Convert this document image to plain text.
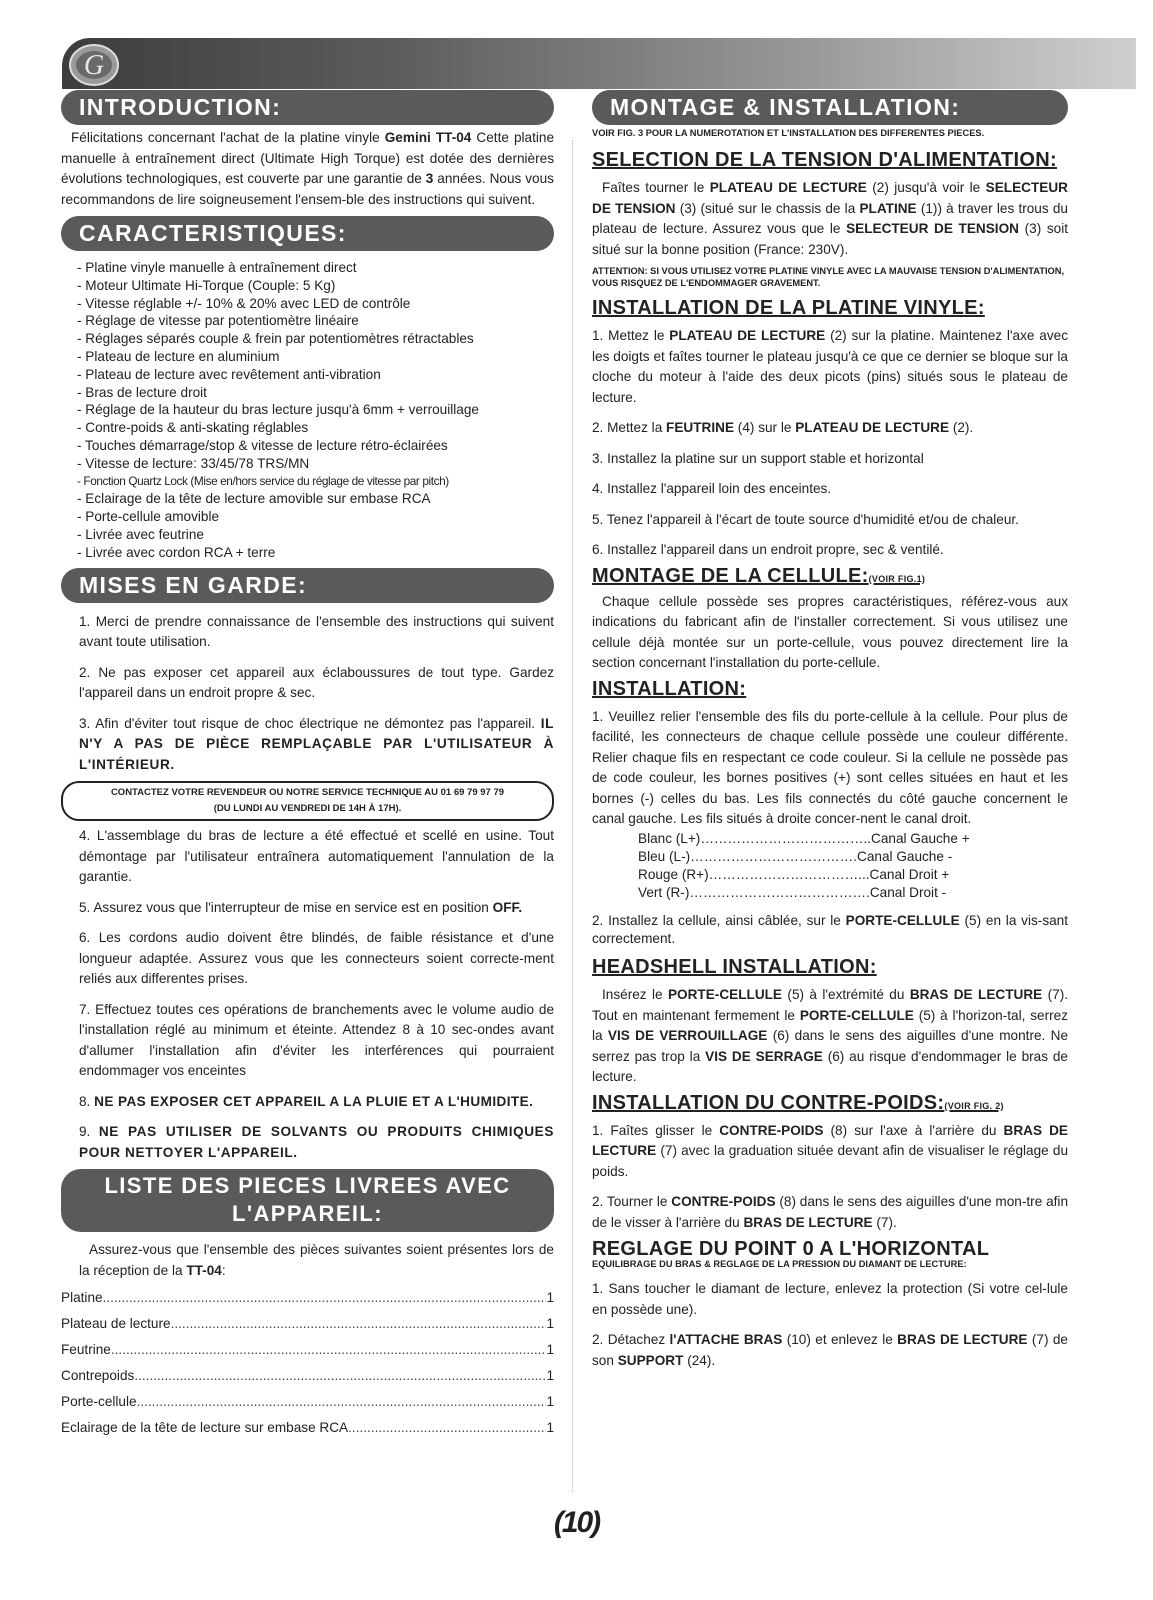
G
INTRODUCTION:

Félicitations concernant l'achat de la platine vinyle Gemini TT-04 Cette platine manuelle à entraînement direct (Ultimate High Torque) est dotée des dernières évolutions technologiques, est couverte par une garantie de 3 années. Nous vous recommandons de lire soigneusement l'ensem-ble des instructions qui suivent.

CARACTERISTIQUES:
- Platine vinyle manuelle à entraînement direct
- Moteur Ultimate Hi-Torque (Couple: 5 Kg)
- Vitesse réglable +/- 10% & 20% avec LED de contrôle
- Réglage de vitesse par potentiomètre linéaire
- Réglages séparés couple & frein par potentiomètres rétractables
- Plateau de lecture en aluminium
- Plateau de lecture avec revêtement anti-vibration
- Bras de lecture droit
- Réglage de la hauteur du bras lecture jusqu'à 6mm + verrouillage
- Contre-poids & anti-skating réglables
- Touches démarrage/stop & vitesse de lecture rétro-éclairées
- Vitesse de lecture: 33/45/78 TRS/MN
- Fonction Quartz Lock (Mise en/hors service du réglage de vitesse par pitch)
- Eclairage de la tête de lecture amovible sur embase RCA
- Porte-cellule amovible
- Livrée avec feutrine
- Livrée avec cordon RCA + terre
MISES EN GARDE:

1. Merci de prendre connaissance de l'ensemble des instructions qui suivent avant toute utilisation.

2. Ne pas exposer cet appareil aux éclaboussures de tout type. Gardez l'appareil dans un endroit propre & sec.

3. Afin d'éviter tout risque de choc électrique ne démontez pas l'appareil. IL N'Y A PAS DE PIÈCE REMPLAÇABLE PAR L'UTILISATEUR À L'INTÉRIEUR.

CONTACTEZ VOTRE REVENDEUR OU NOTRE SERVICE TECHNIQUE AU 01 69 79 97 79 (DU LUNDI AU VENDREDI DE 14H À 17H).

4. L'assemblage du bras de lecture a été effectué et scellé en usine. Tout démontage par l'utilisateur entraînera automatiquement l'annulation de la garantie.

5. Assurez vous que l'interrupteur de mise en service est en position OFF.

6. Les cordons audio doivent être blindés, de faible résistance et d'une longueur adaptée. Assurez vous que les connecteurs soient correcte-ment reliés aux differentes prises.

7. Effectuez toutes ces opérations de branchements avec le volume audio de l'installation réglé au minimum et éteinte. Attendez 8 à 10 sec-ondes avant d'allumer l'installation afin d'éviter les interférences qui pourraient endommager vos enceintes

8. NE PAS EXPOSER CET APPAREIL A LA PLUIE ET A L'HUMIDITE.

9. NE PAS UTILISER DE SOLVANTS OU PRODUITS CHIMIQUES POUR NETTOYER L'APPAREIL.

LISTE DES PIECES LIVREES AVEC L'APPAREIL:

Assurez-vous que l'ensemble des pièces suivantes soient présentes lors de la réception de la TT-04:

Platine .....	1
Plateau de lecture .....	1
Feutrine .....	1
Contrepoids .....	1
Porte-cellule .....	1
Eclairage de la tête de lecture sur embase RCA .....	1
MONTAGE & INSTALLATION:
VOIR FIG. 3 POUR LA NUMEROTATION ET L'INSTALLATION DES DIFFERENTES PIECES.
SELECTION DE LA TENSION D'ALIMENTATION:

Faîtes tourner le PLATEAU DE LECTURE (2) jusqu'à voir le SELECTEUR DE TENSION (3) (situé sur le chassis de la PLATINE (1)) à traver les trous du plateau de lecture. Assurez vous que le SELECTEUR DE TENSION (3) soit situé sur la bonne position (France: 230V).

ATTENTION: SI VOUS UTILISEZ VOTRE PLATINE VINYLE AVEC LA MAUVAISE TENSION D'ALIMENTATION, VOUS RISQUEZ DE L'ENDOMMAGER GRAVEMENT.
INSTALLATION DE LA PLATINE VINYLE:

1. Mettez le PLATEAU DE LECTURE (2) sur la platine. Maintenez l'axe avec les doigts et faîtes tourner le plateau jusqu'à ce que ce dernier se bloque sur la cloche du moteur à l'aide des deux picots (pins) situés sous le plateau de lecture.

2. Mettez la FEUTRINE (4) sur le PLATEAU DE LECTURE (2).

3. Installez la platine sur un support stable et horizontal

4. Installez l'appareil loin des enceintes.

5. Tenez l'appareil à l'écart de toute source d'humidité et/ou de chaleur.

6. Installez l'appareil dans un endroit propre, sec & ventilé.

MONTAGE DE LA CELLULE:(VOIR FIG.1)

Chaque cellule possède ses propres caractéristiques, référez-vous aux indications du fabricant afin de l'installer correctement. Si vous utilisez une cellule déjà montée sur un porte-cellule, vous pouvez directement lire la section concernant l'installation du porte-cellule.

INSTALLATION:

1. Veuillez relier l'ensemble des fils du porte-cellule à la cellule. Pour plus de facilité, les connecteurs de chaque cellule possède une couleur différente. Relier chaque fils en respectant ce code couleur. Si la cellule ne possède pas de code couleur, les bornes positives (+) sont celles situées en haut et les bornes (-) celles du bas. Les fils connectés du côté gauche concernent le canal gauche. Les fils situés à droite concer-nent le canal droit.

Blanc (L+)………………………………..Canal Gauche +
Bleu (L-)……………………………….Canal Gauche -
Rouge (R+)……………………………...Canal Droit +
Vert (R-)………………………………….Canal Droit -

2. Installez la cellule, ainsi câblée, sur le PORTE-CELLULE (5) en la vis-sant correctement.

HEADSHELL INSTALLATION:

Insérez le PORTE-CELLULE (5) à l'extrémité du BRAS DE LECTURE (7). Tout en maintenant fermement le PORTE-CELLULE (5) à l'horizon-tal, serrez la VIS DE VERROUILLAGE (6) dans le sens des aiguilles d'une montre. Ne serrez pas trop la VIS DE SERRAGE (6) au risque d'endommager le bras de lecture.

INSTALLATION DU CONTRE-POIDS:(VOIR FIG. 2)

1. Faîtes glisser le CONTRE-POIDS (8) sur l'axe à l'arrière du BRAS DE LECTURE (7) avec la graduation située devant afin de visualiser le réglage du poids.

2. Tourner le CONTRE-POIDS (8) dans le sens des aiguilles d'une mon-tre afin de le visser à l'arrière du BRAS DE LECTURE (7).

REGLAGE DU POINT 0 A L'HORIZONTAL
EQUILIBRAGE DU BRAS & REGLAGE DE LA PRESSION DU DIAMANT DE LECTURE:

1. Sans toucher le diamant de lecture, enlevez la protection (Si votre cel-lule en possède une).

2. Détachez l'ATTACHE BRAS (10) et enlevez le BRAS DE LECTURE (7) de son SUPPORT (24).

(10)
